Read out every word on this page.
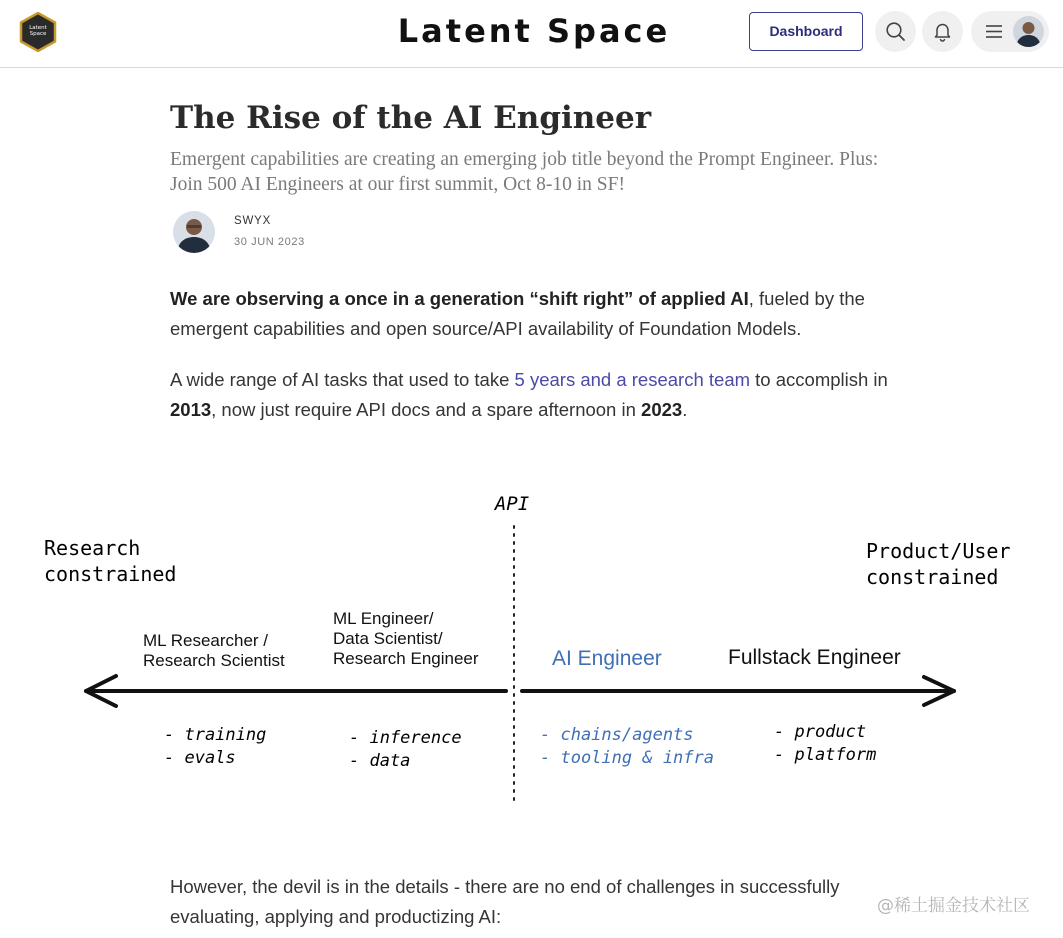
Latent Space	Latent Space	Dashboard
The Rise of the AI Engineer

Emergent capabilities are creating an emerging job title beyond the Prompt Engineer. Plus: Join 500 AI Engineers at our first summit, Oct 8-10 in SF!

SWYX
30 JUN 2023

We are observing a once in a generation “shift right” of applied AI, fueled by the emergent capabilities and open source/API availability of Foundation Models.

A wide range of AI tasks that used to take 5 years and a research team to accomplish in 2013, now just require API docs and a spare afternoon in 2023.

API
Research
constrained
Product/User
constrained
ML Researcher /
Research Scientist
ML Engineer/
Data Scientist/
Research Engineer	AI Engineer	Fullstack Engineer
- training
- evals
- inference
- data
- chains/agents
- tooling & infra
- product
- platform

However, the devil is in the details - there are no end of challenges in successfully evaluating, applying and productizing AI:	@稀土掘金技术社区
